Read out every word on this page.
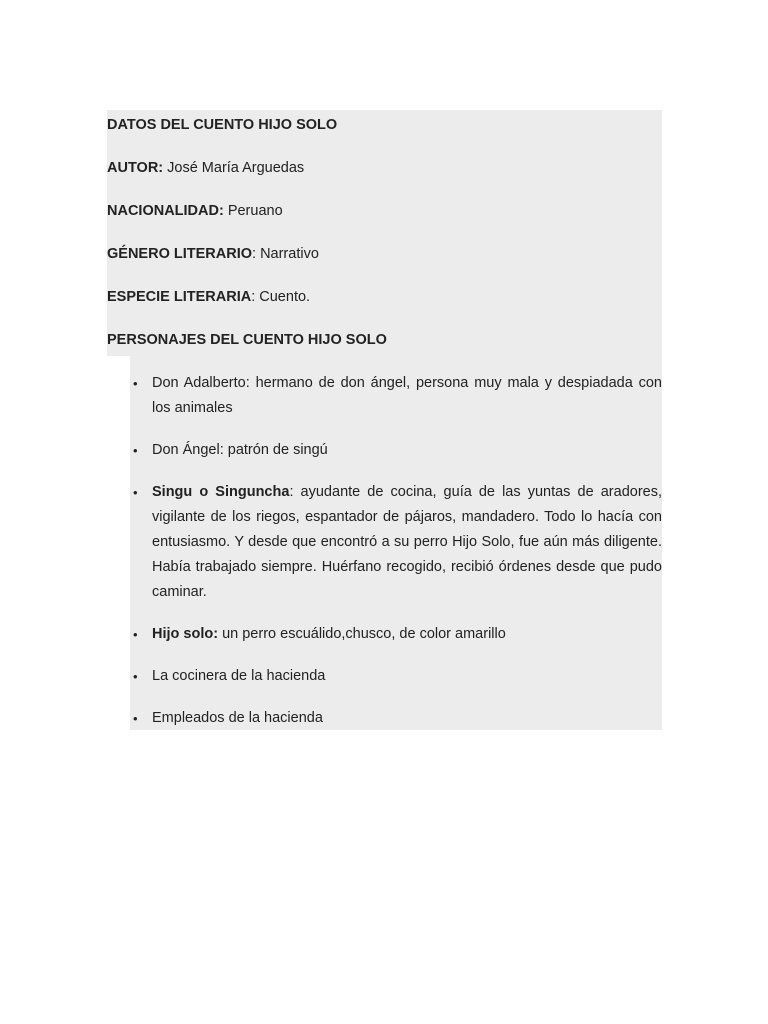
DATOS DEL CUENTO HIJO SOLO

AUTOR: José María Arguedas

NACIONALIDAD: Peruano

GÉNERO LITERARIO: Narrativo

ESPECIE LITERARIA: Cuento.

PERSONAJES DEL CUENTO HIJO SOLO

• Don Adalberto: hermano de don ángel, persona muy mala y despiadada con los animales
• Don Ángel: patrón de singú
• Singu o Singuncha: ayudante de cocina, guía de las yuntas de aradores, vigilante de los riegos, espantador de pájaros, mandadero. Todo lo hacía con entusiasmo. Y desde que encontró a su perro Hijo Solo, fue aún más diligente. Había trabajado siempre. Huérfano recogido, recibió órdenes desde que pudo caminar.
• Hijo solo: un perro escuálido,chusco, de color amarillo
• La cocinera de la hacienda
• Empleados de la hacienda
